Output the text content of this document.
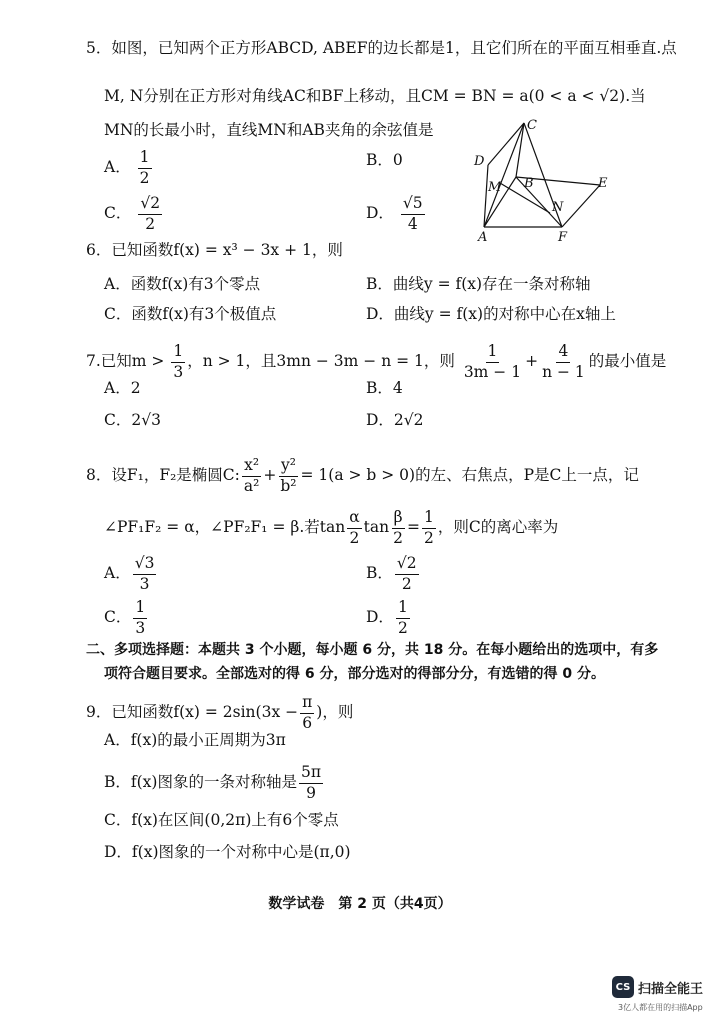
5．如图，已知两个正方形ABCD, ABEF的边长都是1，且它们所在的平面互相垂直.点
M, N分别在正方形对角线AC和BF上移动，且CM = BN = a(0 < a < √2).当
MN的长最小时，直线MN和AB夹角的余弦值是
A． $\frac{1}{2}$	B．0
C． $\frac{√2}{2}$	D． $\frac{√5}{4}$
C
D
M B	E
N
A	F
6．已知函数f(x) = x³ − 3x + 1，则
A．函数f(x)有3个零点	B．曲线y = f(x)存在一条对称轴
C．函数f(x)有3个极值点	D．曲线y = f(x)的对称中心在x轴上
7.已知$m > \frac{1}{3}$ ，n > 1，且3mn − 3m − n = 1，则 $\frac{1}{3m - 1} + \frac{4}{n - 1}$ 的最小值是
A．2	B．4
C．2√3	D．2√2
8．设F₁，F₂是椭圆C: $\frac{\text{x²}}{\text{a²}} + \frac{\text{y²}}{\text{b²}} = 1(a > b > 0)$的左、右焦点，P是C上一点，记
∠PF₁F₂ = α，∠PF₂F₁ = β.若$\tan \frac{\alpha}{2}$ $\tan \frac{\beta}{2} = \frac{1}{2}$ ，则C的离心率为
A． $\frac{√3}{3}$	B． $\frac{√2}{2}$
C． $\frac{1}{3}$	D． $\frac{1}{2}$
二、多项选择题：本题共 3 个小题，每小题 6 分，共 18 分。在每小题给出的选项中，有多
项符合题目要求。全部选对的得 6 分，部分选对的得部分分，有选错的得 0 分。
9．已知函数$f(x) = 2\sin(3x - \frac{\pi}{6}$ )，则
A．f(x)的最小正周期为3π
B．f(x)图象的一条对称轴是 $\frac{5\pi}{9}$
C．f(x)在区间(0,2π)上有6个零点
D．f(x)图象的一个对称中心是(π,0)
数学试卷　第 2 页（共4页）
CS 扫描全能王
3亿人都在用的扫描App
